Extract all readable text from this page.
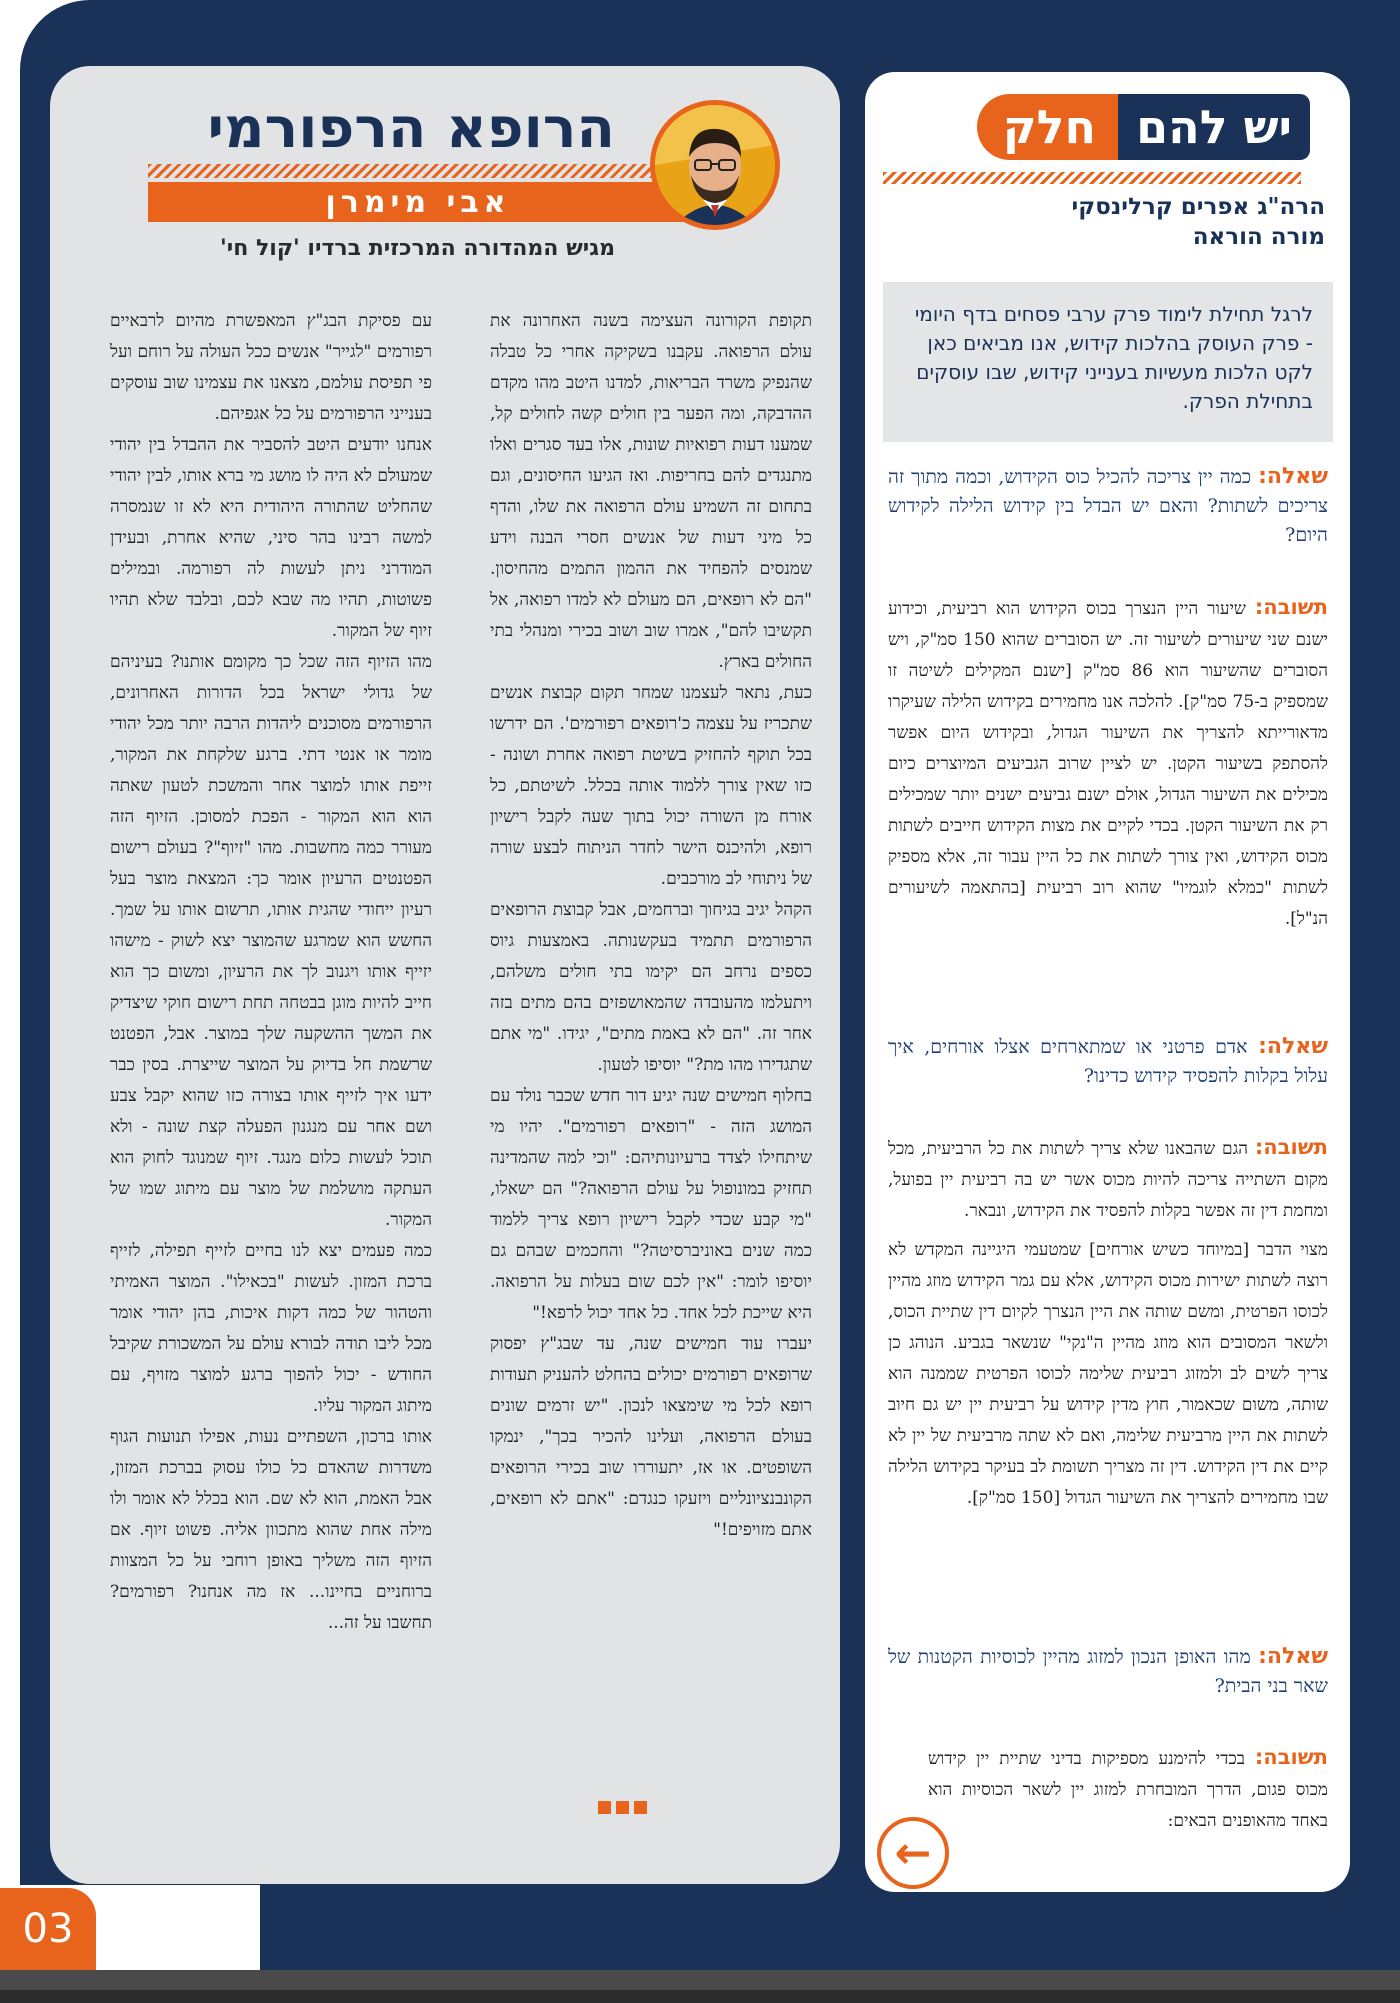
03
הרופא הרפורמי
אבי מימרן
מגיש המהדורה המרכזית ברדיו 'קול חי'

תקופת הקורונה העצימה בשנה האחרונה את עולם הרפואה. עקבנו בשקיקה אחרי כל טבלה שהנפיק משרד הבריאות, למדנו היטב מהו מקדם ההדבקה, ומה הפער בין חולים קשה לחולים קל, שמענו דעות רפואיות שונות, אלו בעד סגרים ואלו מתנגדים להם בחריפות. ואז הגיעו החיסונים, וגם בתחום זה השמיע עולם הרפואה את שלו, והדף כל מיני דעות של אנשים חסרי הבנה וידע שמנסים להפחיד את ההמון התמים מהחיסון. "הם לא רופאים, הם מעולם לא למדו רפואה, אל תקשיבו להם", אמרו שוב ושוב בכירי ומנהלי בתי החולים בארץ.

כעת, נתאר לעצמנו שמחר תקום קבוצת אנשים שתכריז על עצמה כ'רופאים רפורמים'. הם ידרשו בכל תוקף להחזיק בשיטת רפואה אחרת ושונה - כזו שאין צורך ללמוד אותה בכלל. לשיטתם, כל אורח מן השורה יכול בתוך שעה לקבל רישיון רופא, ולהיכנס הישר לחדר הניתוח לבצע שורה של ניתוחי לב מורכבים.

הקהל יגיב בגיחוך וברחמים, אבל קבוצת הרופאים הרפורמים תתמיד בעקשנותה. באמצעות גיוס כספים נרחב הם יקימו בתי חולים משלהם, ויתעלמו מהעובדה שהמאושפזים בהם מתים בזה אחר זה. "הם לא באמת מתים", יגידו. "מי אתם שתגדירו מהו מת?" יוסיפו לטעון.

בחלוף חמישים שנה יגיע דור חדש שכבר נולד עם המושג הזה - "רופאים רפורמים". יהיו מי שיתחילו לצדד ברעיונותיהם: "וכי למה שהמדינה תחזיק במונופול על עולם הרפואה?" הם ישאלו, "מי קבע שכדי לקבל רישיון רופא צריך ללמוד כמה שנים באוניברסיטה?" והחכמים שבהם גם יוסיפו לומר: "אין לכם שום בעלות על הרפואה. היא שייכת לכל אחד. כל אחד יכול לרפא!"

יעברו עוד חמישים שנה, עד שבג"ץ יפסוק שרופאים רפורמים יכולים בהחלט להעניק תעודות רופא לכל מי שימצאו לנכון. "יש זרמים שונים בעולם הרפואה, ועלינו להכיר בכך", ינמקו השופטים. או אז, יתעוררו שוב בכירי הרופאים הקונבנציונליים ויזעקו כנגדם: "אתם לא רופאים, אתם מזויפים!"

עם פסיקת הבג"ץ המאפשרת מהיום לרבאיים רפורמים "לגייר" אנשים ככל העולה על רוחם ועל פי תפיסת עולמם, מצאנו את עצמינו שוב עוסקים בענייני הרפורמים על כל אגפיהם.

אנחנו יודעים היטב להסביר את ההבדל בין יהודי שמעולם לא היה לו מושג מי ברא אותו, לבין יהודי שהחליט שהתורה היהודית היא לא זו שנמסרה למשה רבינו בהר סיני, שהיא אחרת, ובעידן המודרני ניתן לעשות לה רפורמה. ובמילים פשוטות, תהיו מה שבא לכם, ובלבד שלא תהיו זיוף של המקור.

מהו הזיוף הזה שכל כך מקומם אותנו? בעיניהם של גדולי ישראל בכל הדורות האחרונים, הרפורמים מסוכנים ליהדות הרבה יותר מכל יהודי מומר או אנטי דתי. ברגע שלקחת את המקור, זייפת אותו למוצר אחר והמשכת לטעון שאתה הוא הוא המקור - הפכת למסוכן. הזיוף הזה מעורר כמה מחשבות. מהו "זיוף"? בעולם רישום הפטנטים הרעיון אומר כך: המצאת מוצר בעל רעיון ייחודי שהגית אותו, תרשום אותו על שמך. החשש הוא שמרגע שהמוצר יצא לשוק - מישהו יזייף אותו ויגנוב לך את הרעיון, ומשום כך הוא חייב להיות מוגן בבטחה תחת רישום חוקי שיצדיק את המשך ההשקעה שלך במוצר. אבל, הפטנט שרשמת חל בדיוק על המוצר שייצרת. בסין כבר ידעו איך לזייף אותו בצורה כזו שהוא יקבל צבע ושם אחר עם מנגנון הפעלה קצת שונה - ולא תוכל לעשות כלום מנגד. זיוף שמנוגד לחוק הוא העתקה מושלמת של מוצר עם מיתוג שמו של המקור.

כמה פעמים יצא לנו בחיים לזייף תפילה, לזייף ברכת המזון. לעשות "בכאילו". המוצר האמיתי והטהור של כמה דקות איכות, בהן יהודי אומר מכל ליבו תודה לבורא עולם על המשכורת שקיבל החודש - יכול להפוך ברגע למוצר מזויף, עם מיתוג המקור עליו.

אותו ברכון, השפתיים נעות, אפילו תנועות הגוף משדרות שהאדם כל כולו עסוק בברכת המזון, אבל האמת, הוא לא שם. הוא בכלל לא אומר ולו מילה אחת שהוא מתכוון אליה. פשוט זיוף. אם הזיוף הזה משליך באופן רוחבי על כל המצוות ברוחניים בחיינו... אז מה אנחנו? רפורמים? תחשבו על זה...

יש להם
חלק
הרה"ג אפרים קרלינסקי
מורה הוראה
לרגל תחילת לימוד פרק ערבי פסחים בדף היומי - פרק העוסק בהלכות קידוש, אנו מביאים כאן לקט הלכות מעשיות בענייני קידוש, שבו עוסקים בתחילת הפרק.
שאלה: כמה יין צריכה להכיל כוס הקידוש, וכמה מתוך זה צריכים לשתות? והאם יש הבדל בין קידוש הלילה לקידוש היום?
תשובה: שיעור היין הנצרך בכוס הקידוש הוא רביעית, וכידוע ישנם שני שיעורים לשיעור זה. יש הסוברים שהוא 150 סמ"ק, ויש הסוברים שהשיעור הוא 86 סמ"ק [ישנם המקילים לשיטה זו שמספיק ב-75 סמ"ק]. להלכה אנו מחמירים בקידוש הלילה שעיקרו מדאורייתא להצריך את השיעור הגדול, ובקידוש היום אפשר להסתפק בשיעור הקטן. יש לציין שרוב הגביעים המיוצרים כיום מכילים את השיעור הגדול, אולם ישנם גביעים ישנים יותר שמכילים רק את השיעור הקטן. בכדי לקיים את מצות הקידוש חייבים לשתות מכוס הקידוש, ואין צורך לשתות את כל היין עבור זה, אלא מספיק לשתות "כמלא לוגמיו" שהוא רוב רביעית [בהתאמה לשיעורים הנ"ל].
שאלה: אדם פרטני או שמתארחים אצלו אורחים, איך עלול בקלות להפסיד קידוש כדינו?

תשובה: הגם שהבאנו שלא צריך לשתות את כל הרביעית, מכל מקום השתייה צריכה להיות מכוס אשר יש בה רביעית יין בפועל, ומחמת דין זה אפשר בקלות להפסיד את הקידוש, ונבאר.

מצוי הדבר [במיוחד כשיש אורחים] שמטעמי היגיינה המקדש לא רוצה לשתות ישירות מכוס הקידוש, אלא עם גמר הקידוש מוזג מהיין לכוסו הפרטית, ומשם שותה את היין הנצרך לקיום דין שתיית הכוס, ולשאר המסובים הוא מוזג מהיין ה"נקי" שנשאר בגביע. הנוהג כן צריך לשים לב ולמזוג רביעית שלימה לכוסו הפרטית שממנה הוא שותה, משום שכאמור, חוץ מדין קידוש על רביעית יין יש גם חיוב לשתות את היין מרביעית שלימה, ואם לא שתה מרביעית של יין לא קיים את דין הקידוש. דין זה מצריך תשומת לב בעיקר בקידוש הלילה שבו מחמירים להצריך את השיעור הגדול [150 סמ"ק].

שאלה: מהו האופן הנכון למזוג מהיין לכוסיות הקטנות של שאר בני הבית?
תשובה: בכדי להימנע מספיקות בדיני שתיית יין קידוש מכוס פגום, הדרך המובחרת למזוג יין לשאר הכוסיות הוא באחד מהאופנים הבאים:
←
